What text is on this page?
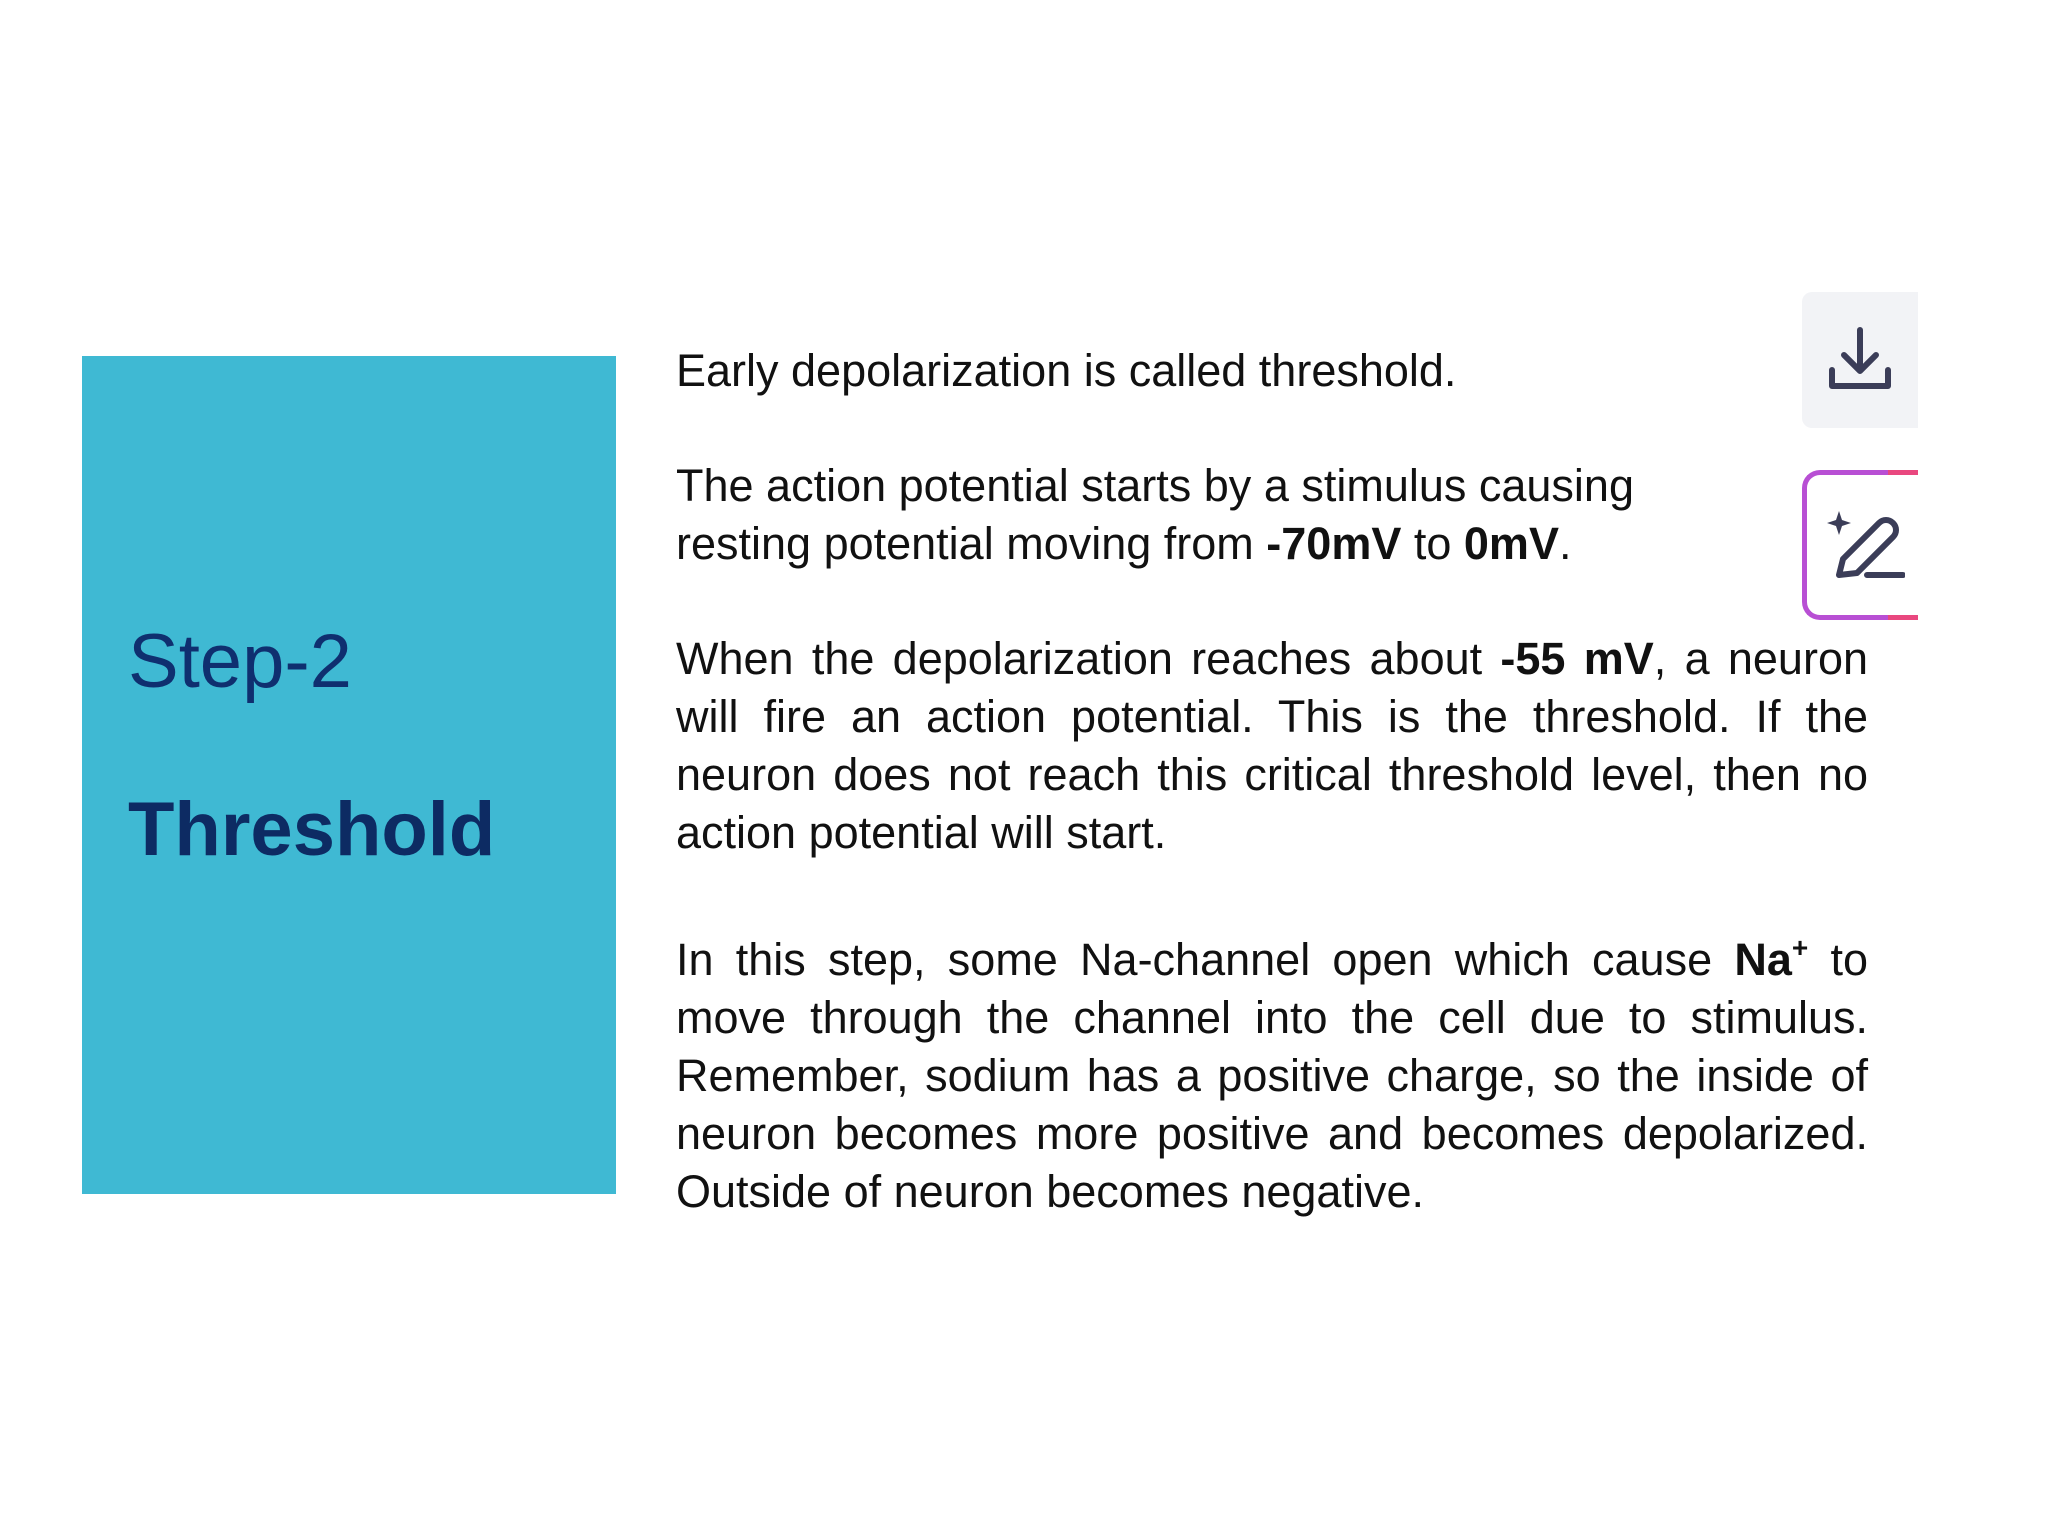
Step-2
Threshold

Early depolarization is called threshold.

The action potential starts by a stimulus causing
resting potential moving from -70mV to 0mV.

When the depolarization reaches about -55 mV, a neuron will fire an action potential. This is the threshold. If the neuron does not reach this critical threshold level, then no action potential will start.

In this step, some Na-channel open which cause Na+ to move through the channel into the cell due to stimulus. Remember, sodium has a positive charge, so the inside of neuron becomes more positive and becomes depolarized. Outside of neuron becomes negative.
